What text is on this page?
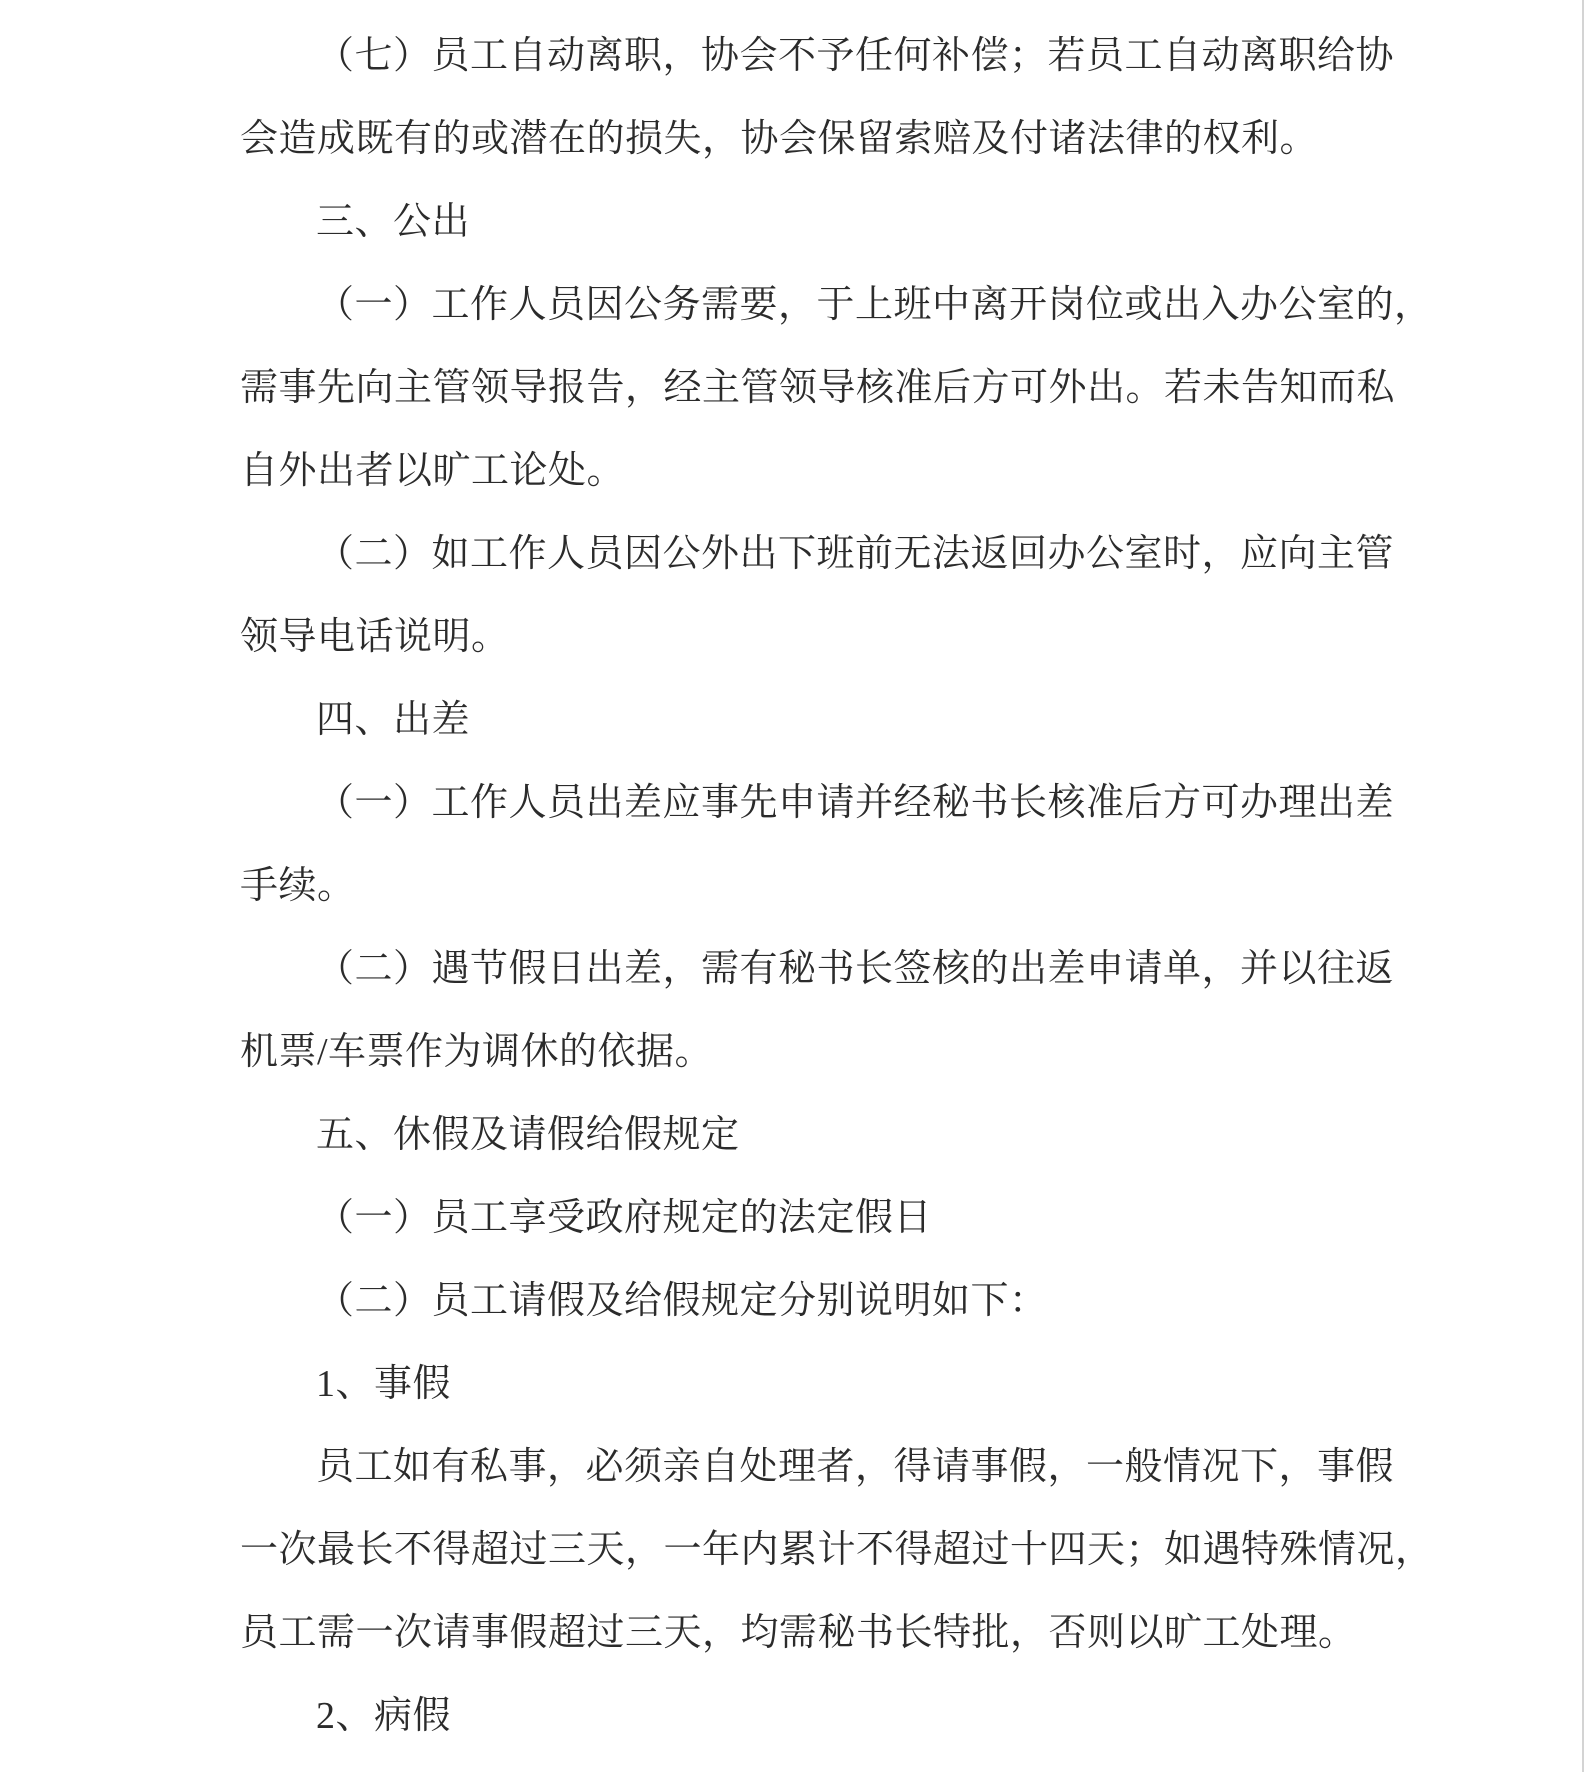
（七）员工自动离职，协会不予任何补偿；若员工自动离职给协
会造成既有的或潜在的损失，协会保留索赔及付诸法律的权利。
三、公出
（一）工作人员因公务需要，于上班中离开岗位或出入办公室的，
需事先向主管领导报告，经主管领导核准后方可外出。若未告知而私
自外出者以旷工论处。
（二）如工作人员因公外出下班前无法返回办公室时，应向主管
领导电话说明。
四、出差
（一）工作人员出差应事先申请并经秘书长核准后方可办理出差
手续。
（二）遇节假日出差，需有秘书长签核的出差申请单，并以往返
机票/车票作为调休的依据。
五、休假及请假给假规定
（一）员工享受政府规定的法定假日
（二）员工请假及给假规定分别说明如下：
1、事假
员工如有私事，必须亲自处理者，得请事假，一般情况下，事假
一次最长不得超过三天，一年内累计不得超过十四天；如遇特殊情况，
员工需一次请事假超过三天，均需秘书长特批，否则以旷工处理。
2、病假
